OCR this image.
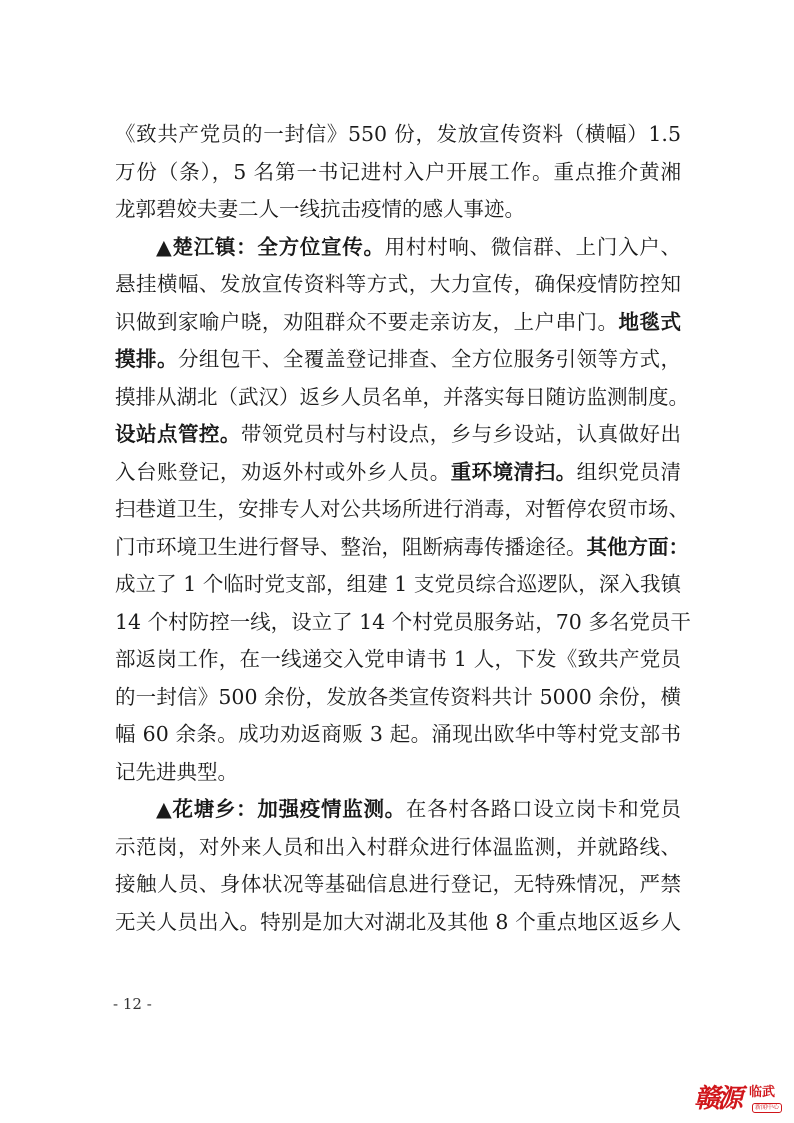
《致共产党员的一封信》550 份，发放宣传资料（横幅）1.5
万份（条），5 名第一书记进村入户开展工作。重点推介黄湘
龙郭碧姣夫妻二人一线抗击疫情的感人事迹。
▲楚江镇：全方位宣传。用村村响、微信群、上门入户、
悬挂横幅、发放宣传资料等方式，大力宣传，确保疫情防控知
识做到家喻户晓，劝阻群众不要走亲访友，上户串门。地毯式
摸排。分组包干、全覆盖登记排查、全方位服务引领等方式，
摸排从湖北（武汉）返乡人员名单，并落实每日随访监测制度。
设站点管控。带领党员村与村设点，乡与乡设站，认真做好出
入台账登记，劝返外村或外乡人员。重环境清扫。组织党员清
扫巷道卫生，安排专人对公共场所进行消毒，对暂停农贸市场、
门市环境卫生进行督导、整治，阻断病毒传播途径。其他方面：
成立了 1 个临时党支部，组建 1 支党员综合巡逻队，深入我镇
14 个村防控一线，设立了 14 个村党员服务站，70 多名党员干
部返岗工作，在一线递交入党申请书 1 人，下发《致共产党员
的一封信》500 余份，发放各类宣传资料共计 5000 余份，横
幅 60 余条。成功劝返商贩 3 起。涌现出欧华中等村党支部书
记先进典型。
▲花塘乡：加强疫情监测。在各村各路口设立岗卡和党员
示范岗，对外来人员和出入村群众进行体温监测，并就路线、
接触人员、身体状况等基础信息进行登记，无特殊情况，严禁
无关人员出入。特别是加大对湖北及其他 8 个重点地区返乡人
- 12 -
赣源 临武
新闻中心
